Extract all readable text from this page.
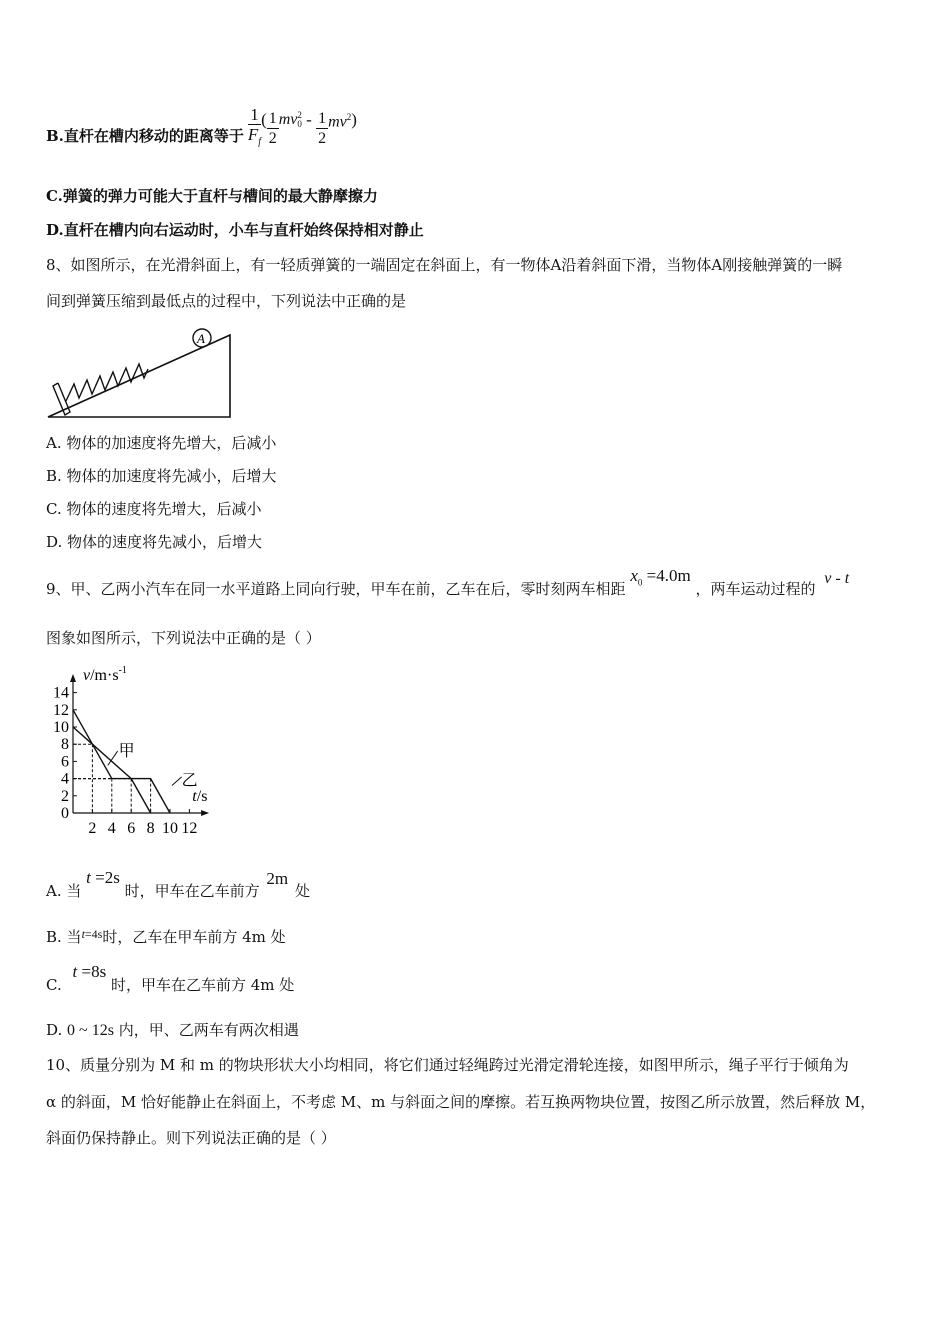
B.直杆在槽内移动的距离等于 $\frac{1}{F_f}$ ( $\frac{1}{2}$ mv 2
$0 - \frac{1}{2} mv^2$ )
C.弹簧的弹力可能大于直杆与槽间的最大静摩擦力
D.直杆在槽内向右运动时，小车与直杆始终保持相对静止
8、如图所示，在光滑斜面上，有一轻质弹簧的一端固定在斜面上，有一物体A沿着斜面下滑，当物体A刚接触弹簧的一瞬
间到弹簧压缩到最低点的过程中，下列说法中正确的是
A
A. 物体的加速度将先增大，后减小
B. 物体的加速度将先减小，后增大
C. 物体的速度将先增大，后减小
D. 物体的速度将先减小，后增大
9、甲、乙两小汽车在同一水平道路上同向行驶，甲车在前，乙车在后，零时刻两车相距 $x_0 =4.0m$ ，两车运动过程的 v - t
图象如图所示，下列说法中正确的是（ ）
0
2
4
6
8
10
12
14
2 4 6 8 10 12
甲
乙
$v/m\cdot s^{-1}$
t/s
A. 当 t =2s 时，甲车在乙车前方 2m 处
B. 当$^{t=4s}$时，乙车在甲车前方 4m 处
C. t =8s 时，甲车在乙车前方 4m 处
D. 0 ~ 12s 内，甲、乙两车有两次相遇
10、质量分别为 M 和 m 的物块形状大小均相同，将它们通过轻绳跨过光滑定滑轮连接，如图甲所示，绳子平行于倾角为
α 的斜面，M 恰好能静止在斜面上，不考虑 M、m 与斜面之间的摩擦。若互换两物块位置，按图乙所示放置，然后释放 M，
斜面仍保持静止。则下列说法正确的是（ ）
